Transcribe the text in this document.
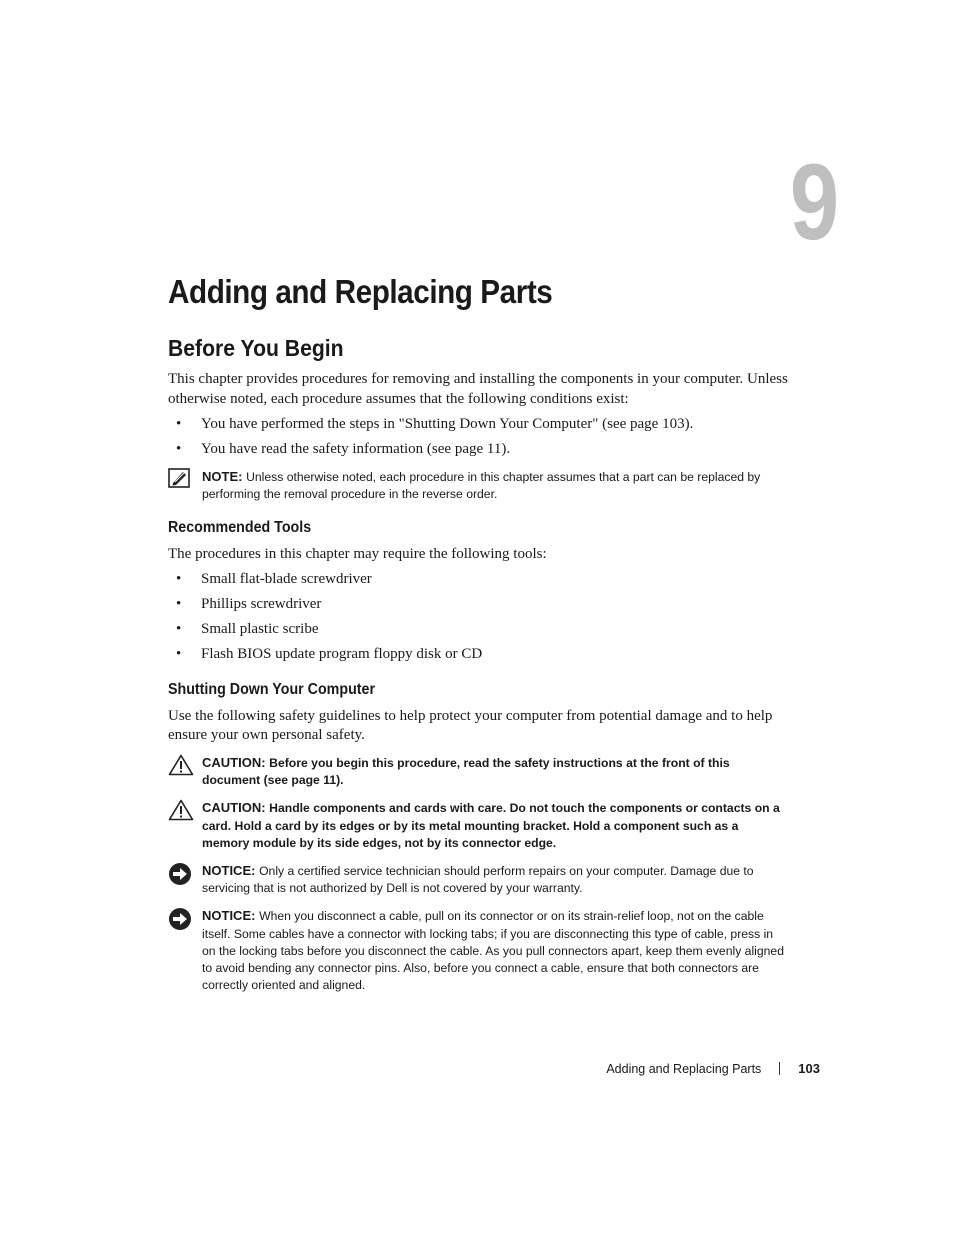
9
Adding and Replacing Parts
Before You Begin

This chapter provides procedures for removing and installing the components in your computer. Unless otherwise noted, each procedure assumes that the following conditions exist:

• You have performed the steps in "Shutting Down Your Computer" (see page 103).
• You have read the safety information (see page 11).
NOTE: Unless otherwise noted, each procedure in this chapter assumes that a part can be replaced by performing the removal procedure in the reverse order.
Recommended Tools

The procedures in this chapter may require the following tools:

• Small flat-blade screwdriver
• Phillips screwdriver
• Small plastic scribe
• Flash BIOS update program floppy disk or CD
Shutting Down Your Computer

Use the following safety guidelines to help protect your computer from potential damage and to help ensure your own personal safety.

CAUTION: Before you begin this procedure, read the safety instructions at the front of this document (see page 11).
CAUTION: Handle components and cards with care. Do not touch the components or contacts on a card. Hold a card by its edges or by its metal mounting bracket. Hold a component such as a memory module by its side edges, not by its connector edge.
NOTICE: Only a certified service technician should perform repairs on your computer. Damage due to servicing that is not authorized by Dell is not covered by your warranty.
NOTICE: When you disconnect a cable, pull on its connector or on its strain-relief loop, not on the cable itself. Some cables have a connector with locking tabs; if you are disconnecting this type of cable, press in on the locking tabs before you disconnect the cable. As you pull connectors apart, keep them evenly aligned to avoid bending any connector pins. Also, before you connect a cable, ensure that both connectors are correctly oriented and aligned.
Adding and Replacing Parts	103
